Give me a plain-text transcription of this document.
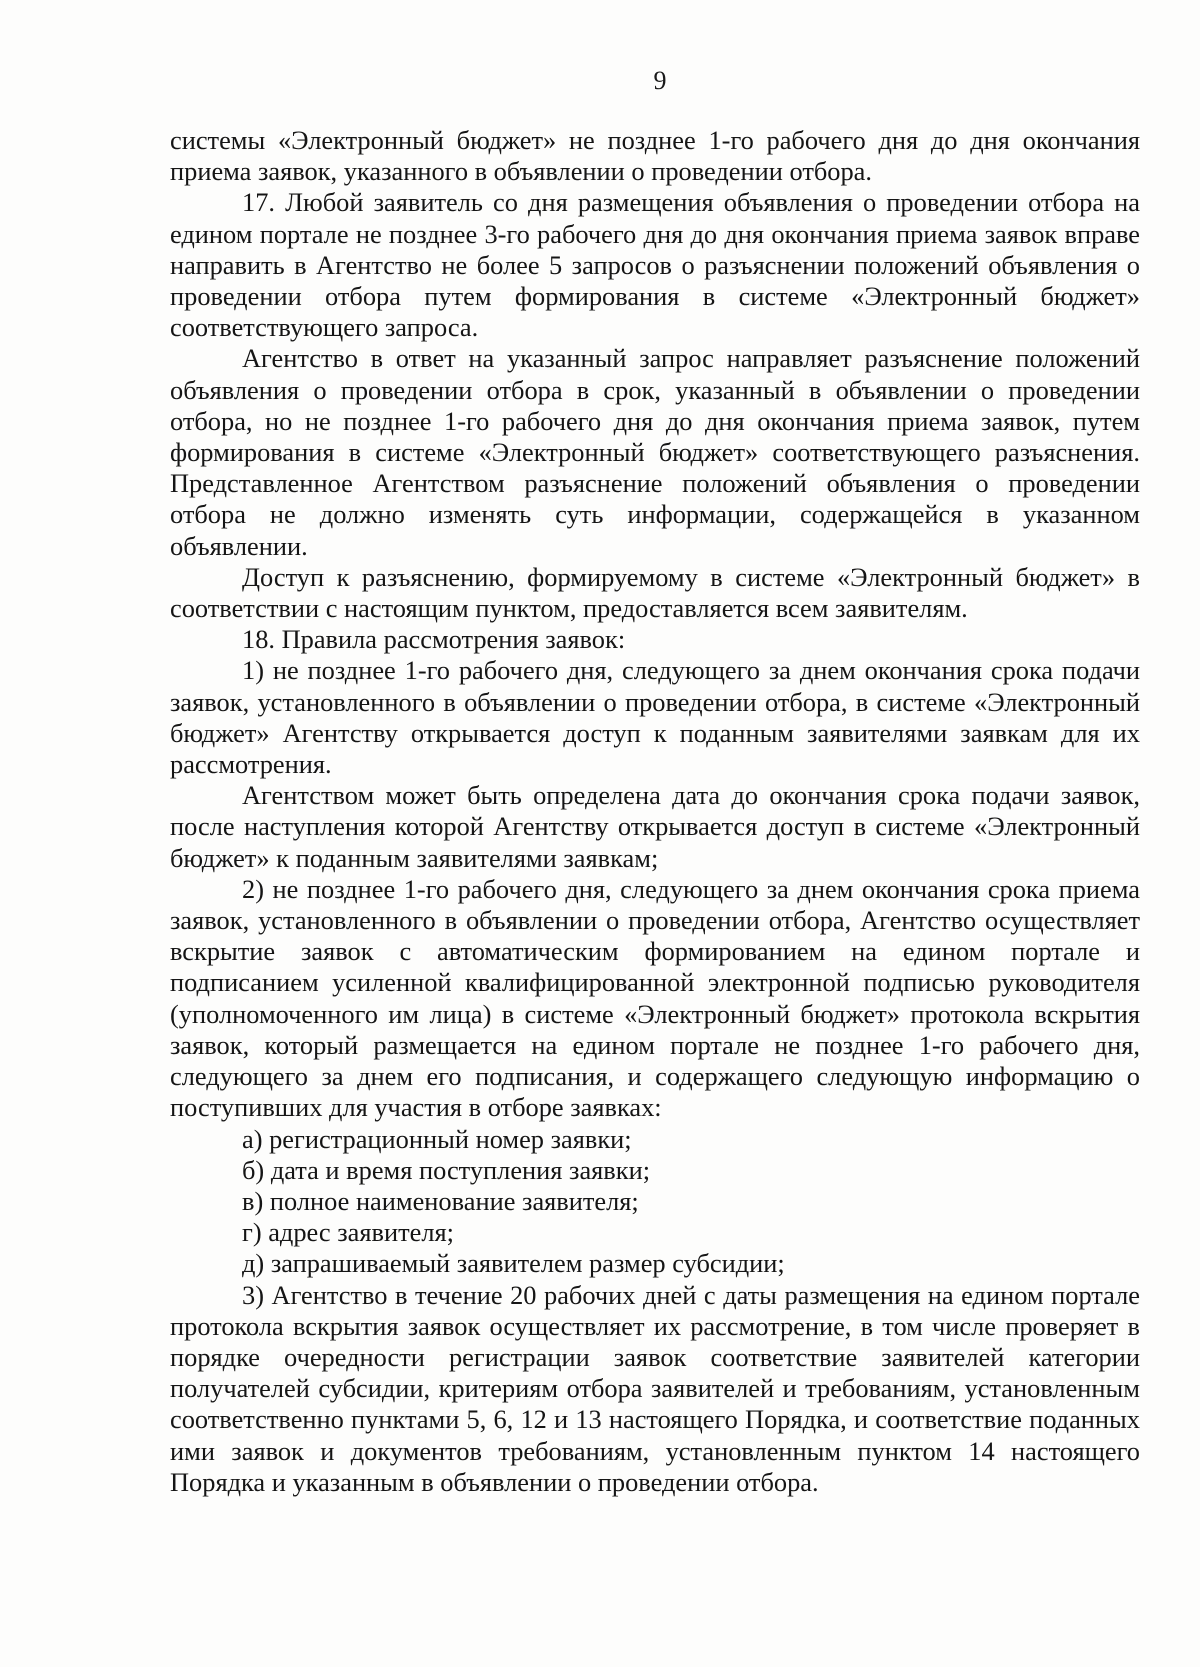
9

системы «Электронный бюджет» не позднее 1-го рабочего дня до дня окончания приема заявок, указанного в объявлении о проведении отбора.

17. Любой заявитель со дня размещения объявления о проведении отбора на едином портале не позднее 3-го рабочего дня до дня окончания приема заявок вправе направить в Агентство не более 5 запросов о разъяснении положений объявления о проведении отбора путем формирования в системе «Электронный бюджет» соответствующего запроса.

Агентство в ответ на указанный запрос направляет разъяснение положений объявления о проведении отбора в срок, указанный в объявлении о проведении отбора, но не позднее 1-го рабочего дня до дня окончания приема заявок, путем формирования в системе «Электронный бюджет» соответствующего разъяснения. Представленное Агентством разъяснение положений объявления о проведении отбора не должно изменять суть информации, содержащейся в указанном объявлении.

Доступ к разъяснению, формируемому в системе «Электронный бюджет» в соответствии с настоящим пунктом, предоставляется всем заявителям.

18. Правила рассмотрения заявок:

1) не позднее 1-го рабочего дня, следующего за днем окончания срока подачи заявок, установленного в объявлении о проведении отбора, в системе «Электронный бюджет» Агентству открывается доступ к поданным заявителями заявкам для их рассмотрения.

Агентством может быть определена дата до окончания срока подачи заявок, после наступления которой Агентству открывается доступ в системе «Электронный бюджет» к поданным заявителями заявкам;

2) не позднее 1-го рабочего дня, следующего за днем окончания срока приема заявок, установленного в объявлении о проведении отбора, Агентство осуществляет вскрытие заявок с автоматическим формированием на едином портале и подписанием усиленной квалифицированной электронной подписью руководителя (уполномоченного им лица) в системе «Электронный бюджет» протокола вскрытия заявок, который размещается на едином портале не позднее 1-го рабочего дня, следующего за днем его подписания, и содержащего следующую информацию о поступивших для участия в отборе заявках:

а) регистрационный номер заявки;

б) дата и время поступления заявки;

в) полное наименование заявителя;

г) адрес заявителя;

д) запрашиваемый заявителем размер субсидии;

3) Агентство в течение 20 рабочих дней с даты размещения на едином портале протокола вскрытия заявок осуществляет их рассмотрение, в том числе проверяет в порядке очередности регистрации заявок соответствие заявителей категории получателей субсидии, критериям отбора заявителей и требованиям, установленным соответственно пунктами 5, 6, 12 и 13 настоящего Порядка, и соответствие поданных ими заявок и документов требованиям, установленным пунктом 14 настоящего Порядка и указанным в объявлении о проведении отбора.
